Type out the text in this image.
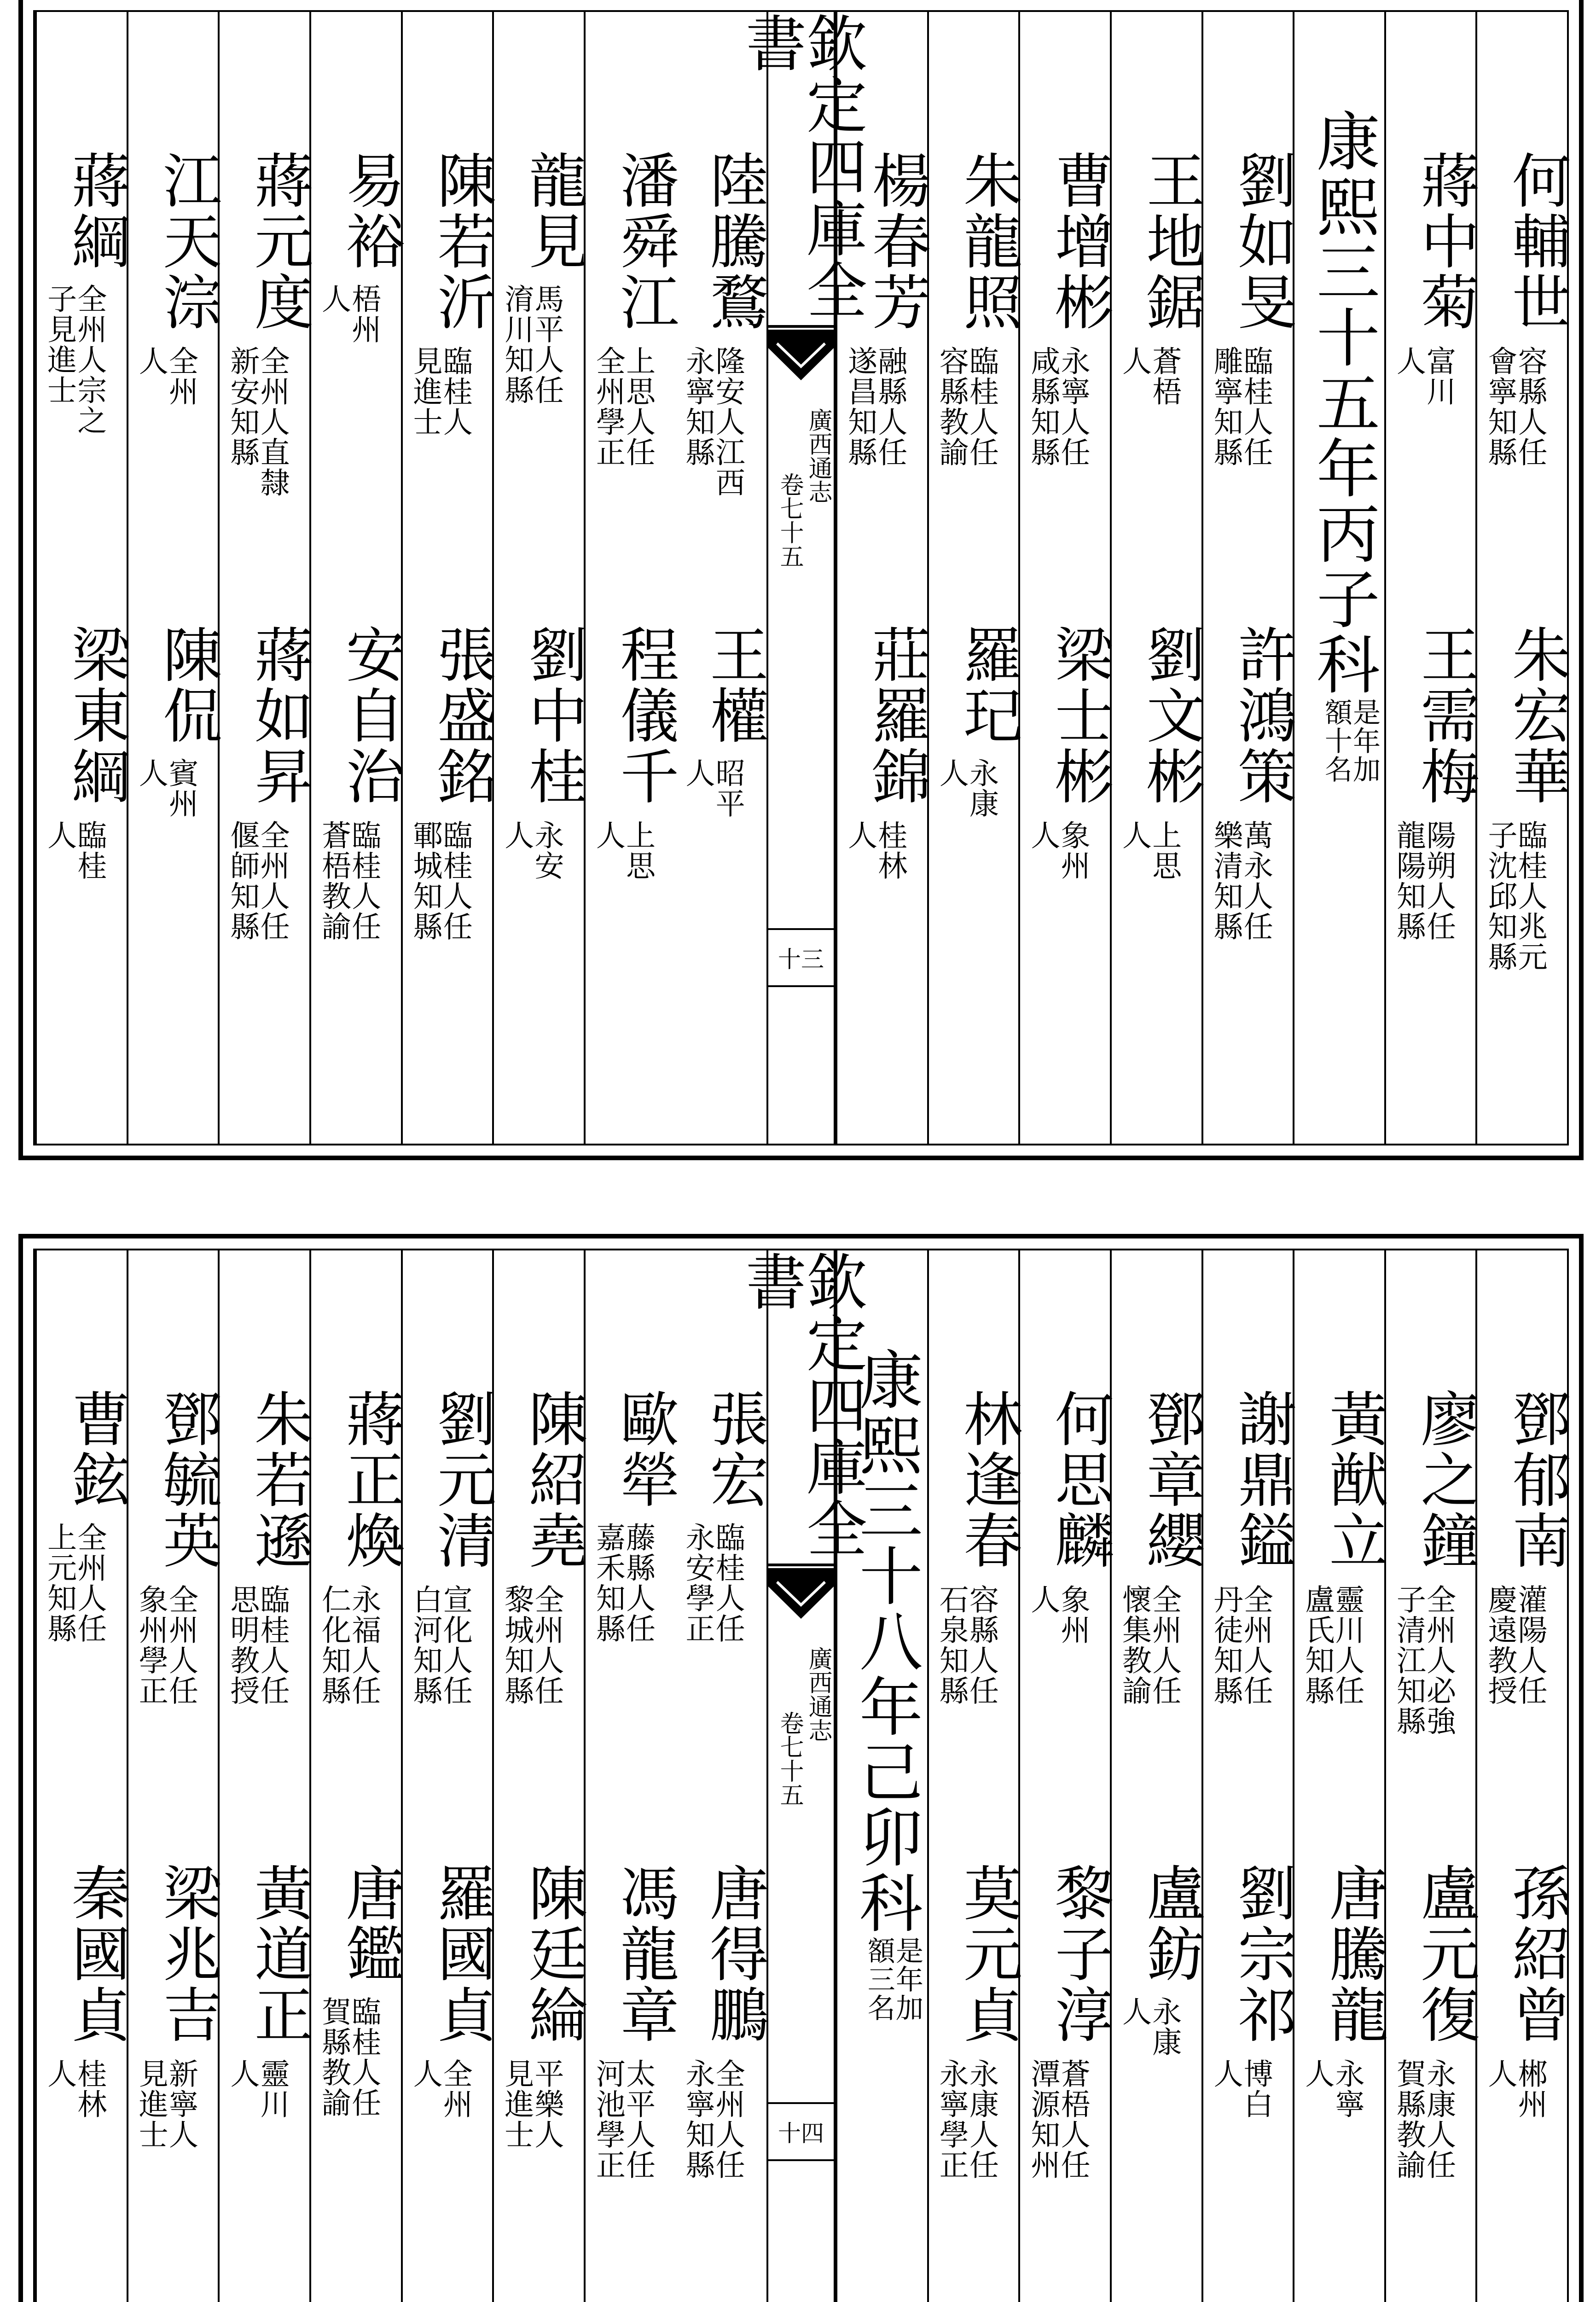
陸騰鶩
隆安人江西
永寧知縣
王權
昭平
人
潘舜江
上思人任
全州學正
程儀千
上思
人
龍見
馬平人任
淯川知縣
劉中桂
永安
人
陳若沂
臨桂人
見進士
張盛銘
臨桂人任
鄆城知縣
易裕
梧州
人
安自治
臨桂人任
蒼梧教諭
蔣元度
全州人直隸
新安知縣
蔣如昇
全州人任
偃師知縣
江天淙
全州
人
陳侃
賓州
人
蔣綱
全州人宗之
子見進士
梁東綱
臨桂
人
欽定四庫全書
廣西通志
卷七十五
十三
何輔世
容縣人任
會寧知縣
朱宏華
臨桂人兆元
子沈邱知縣
蔣中菊
富川
人
王需梅
陽朔人任
龍陽知縣
康熙三十五年丙子科
是年加
額十名
劉如旻
臨桂人任
雕寧知縣
許鴻策
萬永人任
樂清知縣
王地鋸
蒼梧
人
劉文彬
上思
人
曹增彬
永寧人任
咸縣知縣
梁士彬
象州
人
朱龍照
臨桂人任
容縣教諭
羅玘
永康
人
楊春芳
融縣人任
遂昌知縣
莊羅錦
桂林
人
張宏
臨桂人任
永安學正
唐得鵬
全州人任
永寧知縣
歐犖
藤縣人任
嘉禾知縣
馮龍章
太平人任
河池學正
陳紹堯
全州人任
黎城知縣
陳廷綸
平樂人
見進士
劉元清
宣化人任
白河知縣
羅國貞
全州
人
蔣正煥
永福人任
仁化知縣
唐鑑
臨桂人任
賀縣教諭
朱若遜
臨桂人任
思明教授
黃道正
靈川
人
鄧毓英
全州人任
象州學正
梁兆吉
新寧人
見進士
曹鉉
全州人任
上元知縣
秦國貞
桂林
人
欽定四庫全書
廣西通志
卷七十五
十四
鄧郁南
灌陽人任
慶遠教授
孫紹曾
郴州
人
廖之鐘
全州人必強
子清江知縣
盧元復
永康人任
賀縣教諭
黃猷立
靈川人任
盧氏知縣
唐騰龍
永寧
人
謝鼎鎰
全州人任
丹徒知縣
劉宗祁
博白
人
鄧章纓
全州人任
懷集教諭
盧鈁
永康
人
何思麟
象州
人
黎子淳
蒼梧人任
潭源知州
林逢春
容縣人任
石泉知縣
莫元貞
永康人任
永寧學正
康熙三十八年己卯科
是年加
額三名
